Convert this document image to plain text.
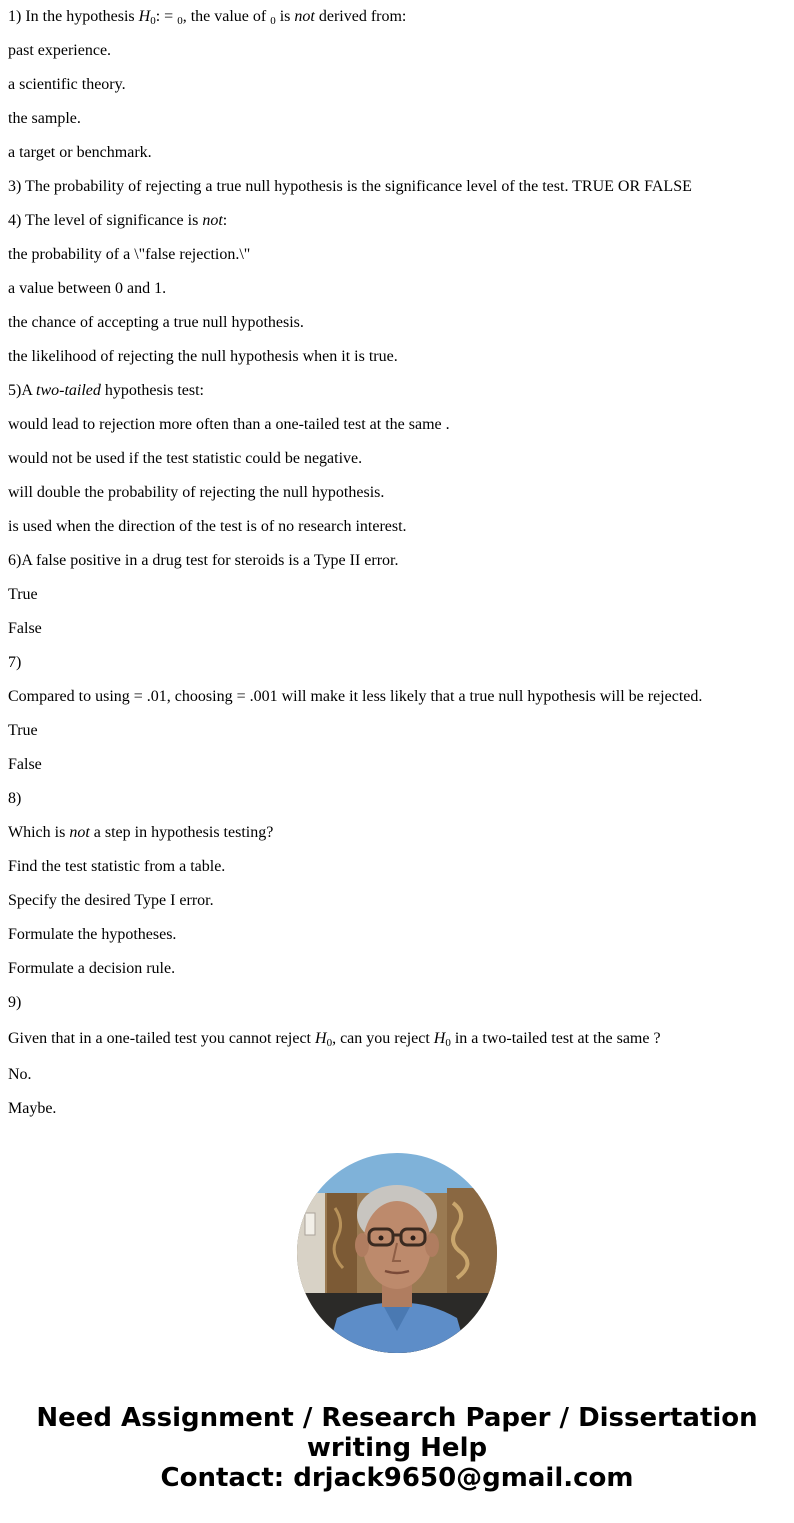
1) In the hypothesis $H_0$: = $_0$, the value of $_0$ is not derived from:

past experience.

a scientific theory.

the sample.

a target or benchmark.

3) The probability of rejecting a true null hypothesis is the significance level of the test. TRUE OR FALSE

4) The level of significance is not:

the probability of a \"false rejection.\"

a value between 0 and 1.

the chance of accepting a true null hypothesis.

the likelihood of rejecting the null hypothesis when it is true.

5)A two-tailed hypothesis test:

would lead to rejection more often than a one-tailed test at the same .

would not be used if the test statistic could be negative.

will double the probability of rejecting the null hypothesis.

is used when the direction of the test is of no research interest.

6)A false positive in a drug test for steroids is a Type II error.

True

False

7)

Compared to using = .01, choosing = .001 will make it less likely that a true null hypothesis will be rejected.

True

False

8)

Which is not a step in hypothesis testing?

Find the test statistic from a table.

Specify the desired Type I error.

Formulate the hypotheses.

Formulate a decision rule.

9)

Given that in a one-tailed test you cannot reject $H_0$, can you reject $H_0$ in a two-tailed test at the same ?

No.

Maybe.

Need Assignment / Research Paper / Dissertation
writing Help
Contact: drjack9650@gmail.com
